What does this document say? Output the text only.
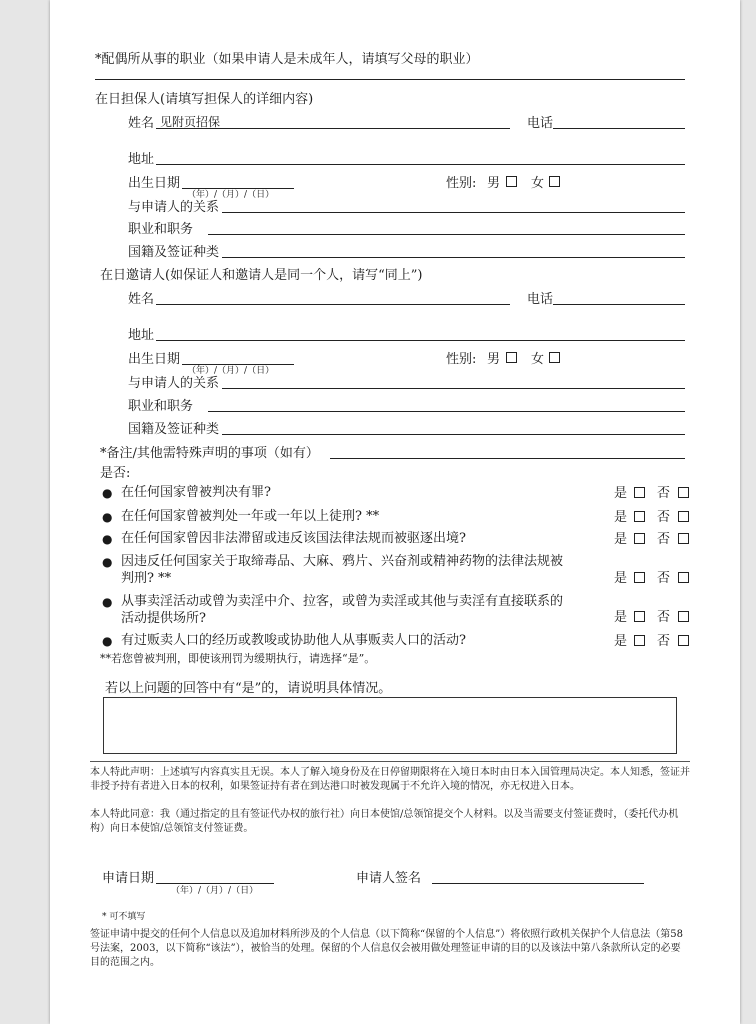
*配偶所从事的职业（如果申请人是未成年人，请填写父母的职业）
在日担保人(请填写担保人的详细内容)
姓名 见附页招保	电话
地址
出生日期
（年）/（月）/（日）
性别: 男 女
与申请人的关系
职业和职务
国籍及签证种类
在日邀请人(如保证人和邀请人是同一个人，请写“同上”)
姓名	电话
地址
出生日期
（年）/（月）/（日）
性别: 男 女
与申请人的关系
职业和职务
国籍及签证种类
*备注/其他需特殊声明的事项（如有）
是否:
● 在任何国家曾被判决有罪?	是 否
● 在任何国家曾被判处一年或一年以上徒刑? **	是 否
● 在任何国家曾因非法滞留或违反该国法律法规而被驱逐出境?	是 否
● 因违反任何国家关于取缔毒品、大麻、鸦片、兴奋剂或精神药物的法律法规被
判刑? **	是 否
● 从事卖淫活动或曾为卖淫中介、拉客，或曾为卖淫或其他与卖淫有直接联系的
活动提供场所?	是 否
● 有过贩卖人口的经历或教唆或协助他人从事贩卖人口的活动?	是 否
**若您曾被判刑，即使该刑罚为缓期执行，请选择“是”。
若以上问题的回答中有“是”的，请说明具体情况。
本人特此声明：上述填写内容真实且无误。本人了解入境身份及在日停留期限将在入境日本时由日本入国管理局决定。本人知悉，签证并非授予持有者进入日本的权利，如果签证持有者在到达港口时被发现属于不允许入境的情况，亦无权进入日本。
本人特此同意：我（通过指定的且有签证代办权的旅行社）向日本使馆/总领馆提交个人材料。以及当需要支付签证费时，（委托代办机构）向日本使馆/总领馆支付签证费。
申请日期
（年）/（月）/（日）
申请人签名
* 可不填写
签证申请中提交的任何个人信息以及追加材料所涉及的个人信息（以下简称“保留的个人信息”）将依照行政机关保护个人信息法（第58号法案，2003，以下简称“该法”），被恰当的处理。保留的个人信息仅会被用做处理签证申请的目的以及该法中第八条款所认定的必要目的范围之内。
